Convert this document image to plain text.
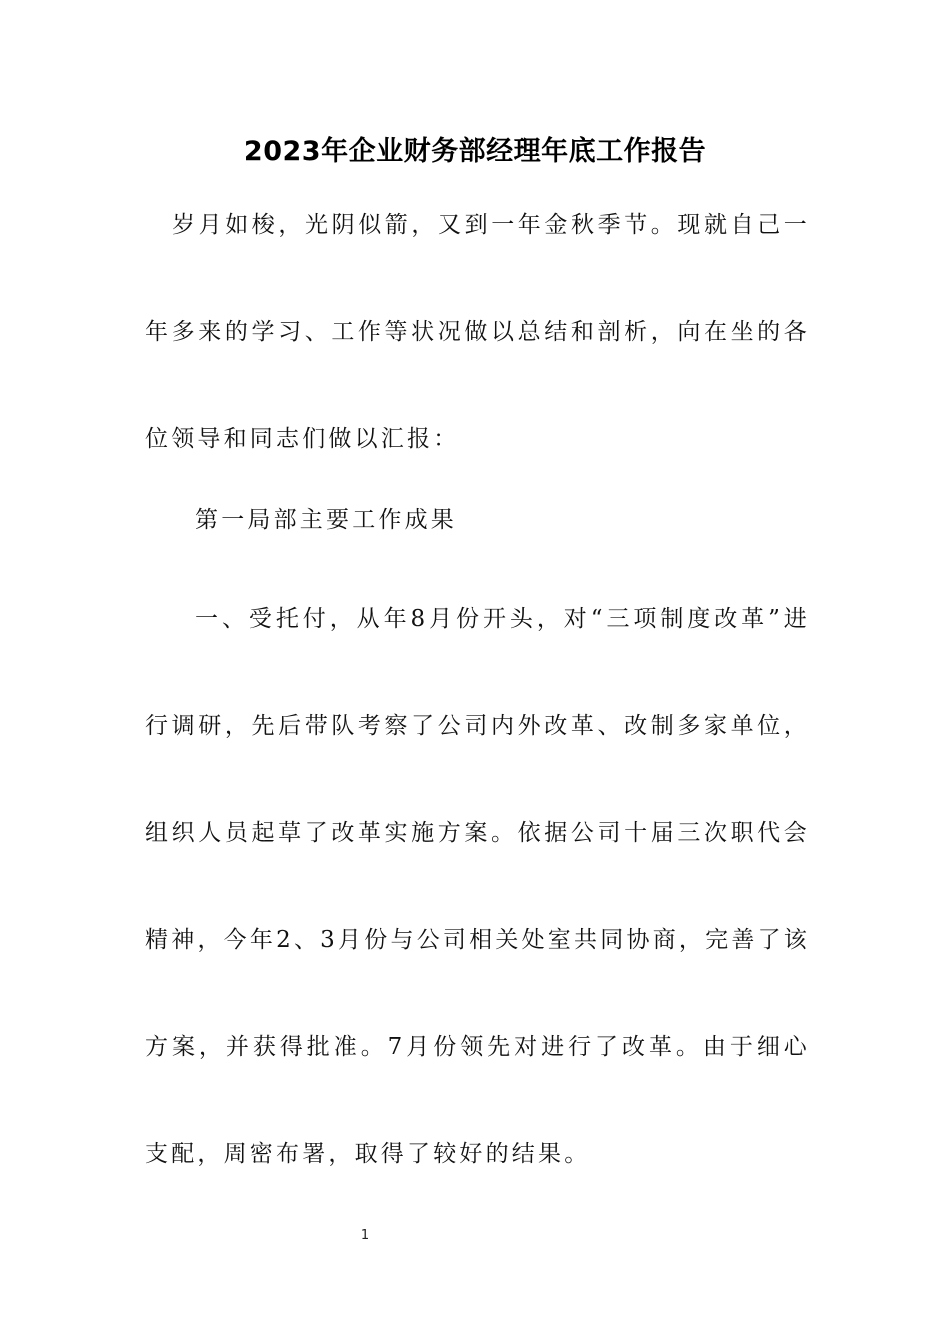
2023年企业财务部经理年底工作报告
岁月如梭，光阴似箭，又到一年金秋季节。现就自己一年多来的学习、工作等状况做以总结和剖析，向在坐的各位领导和同志们做以汇报：
第一局部主要工作成果
一、受托付，从年8月份开头，对“三项制度改革”进行调研，先后带队考察了公司内外改革、改制多家单位，组织人员起草了改革实施方案。依据公司十届三次职代会精神，今年2、3月份与公司相关处室共同协商，完善了该方案，并获得批准。7月份领先对进行了改革。由于细心支配，周密布署，取得了较好的结果。
1
